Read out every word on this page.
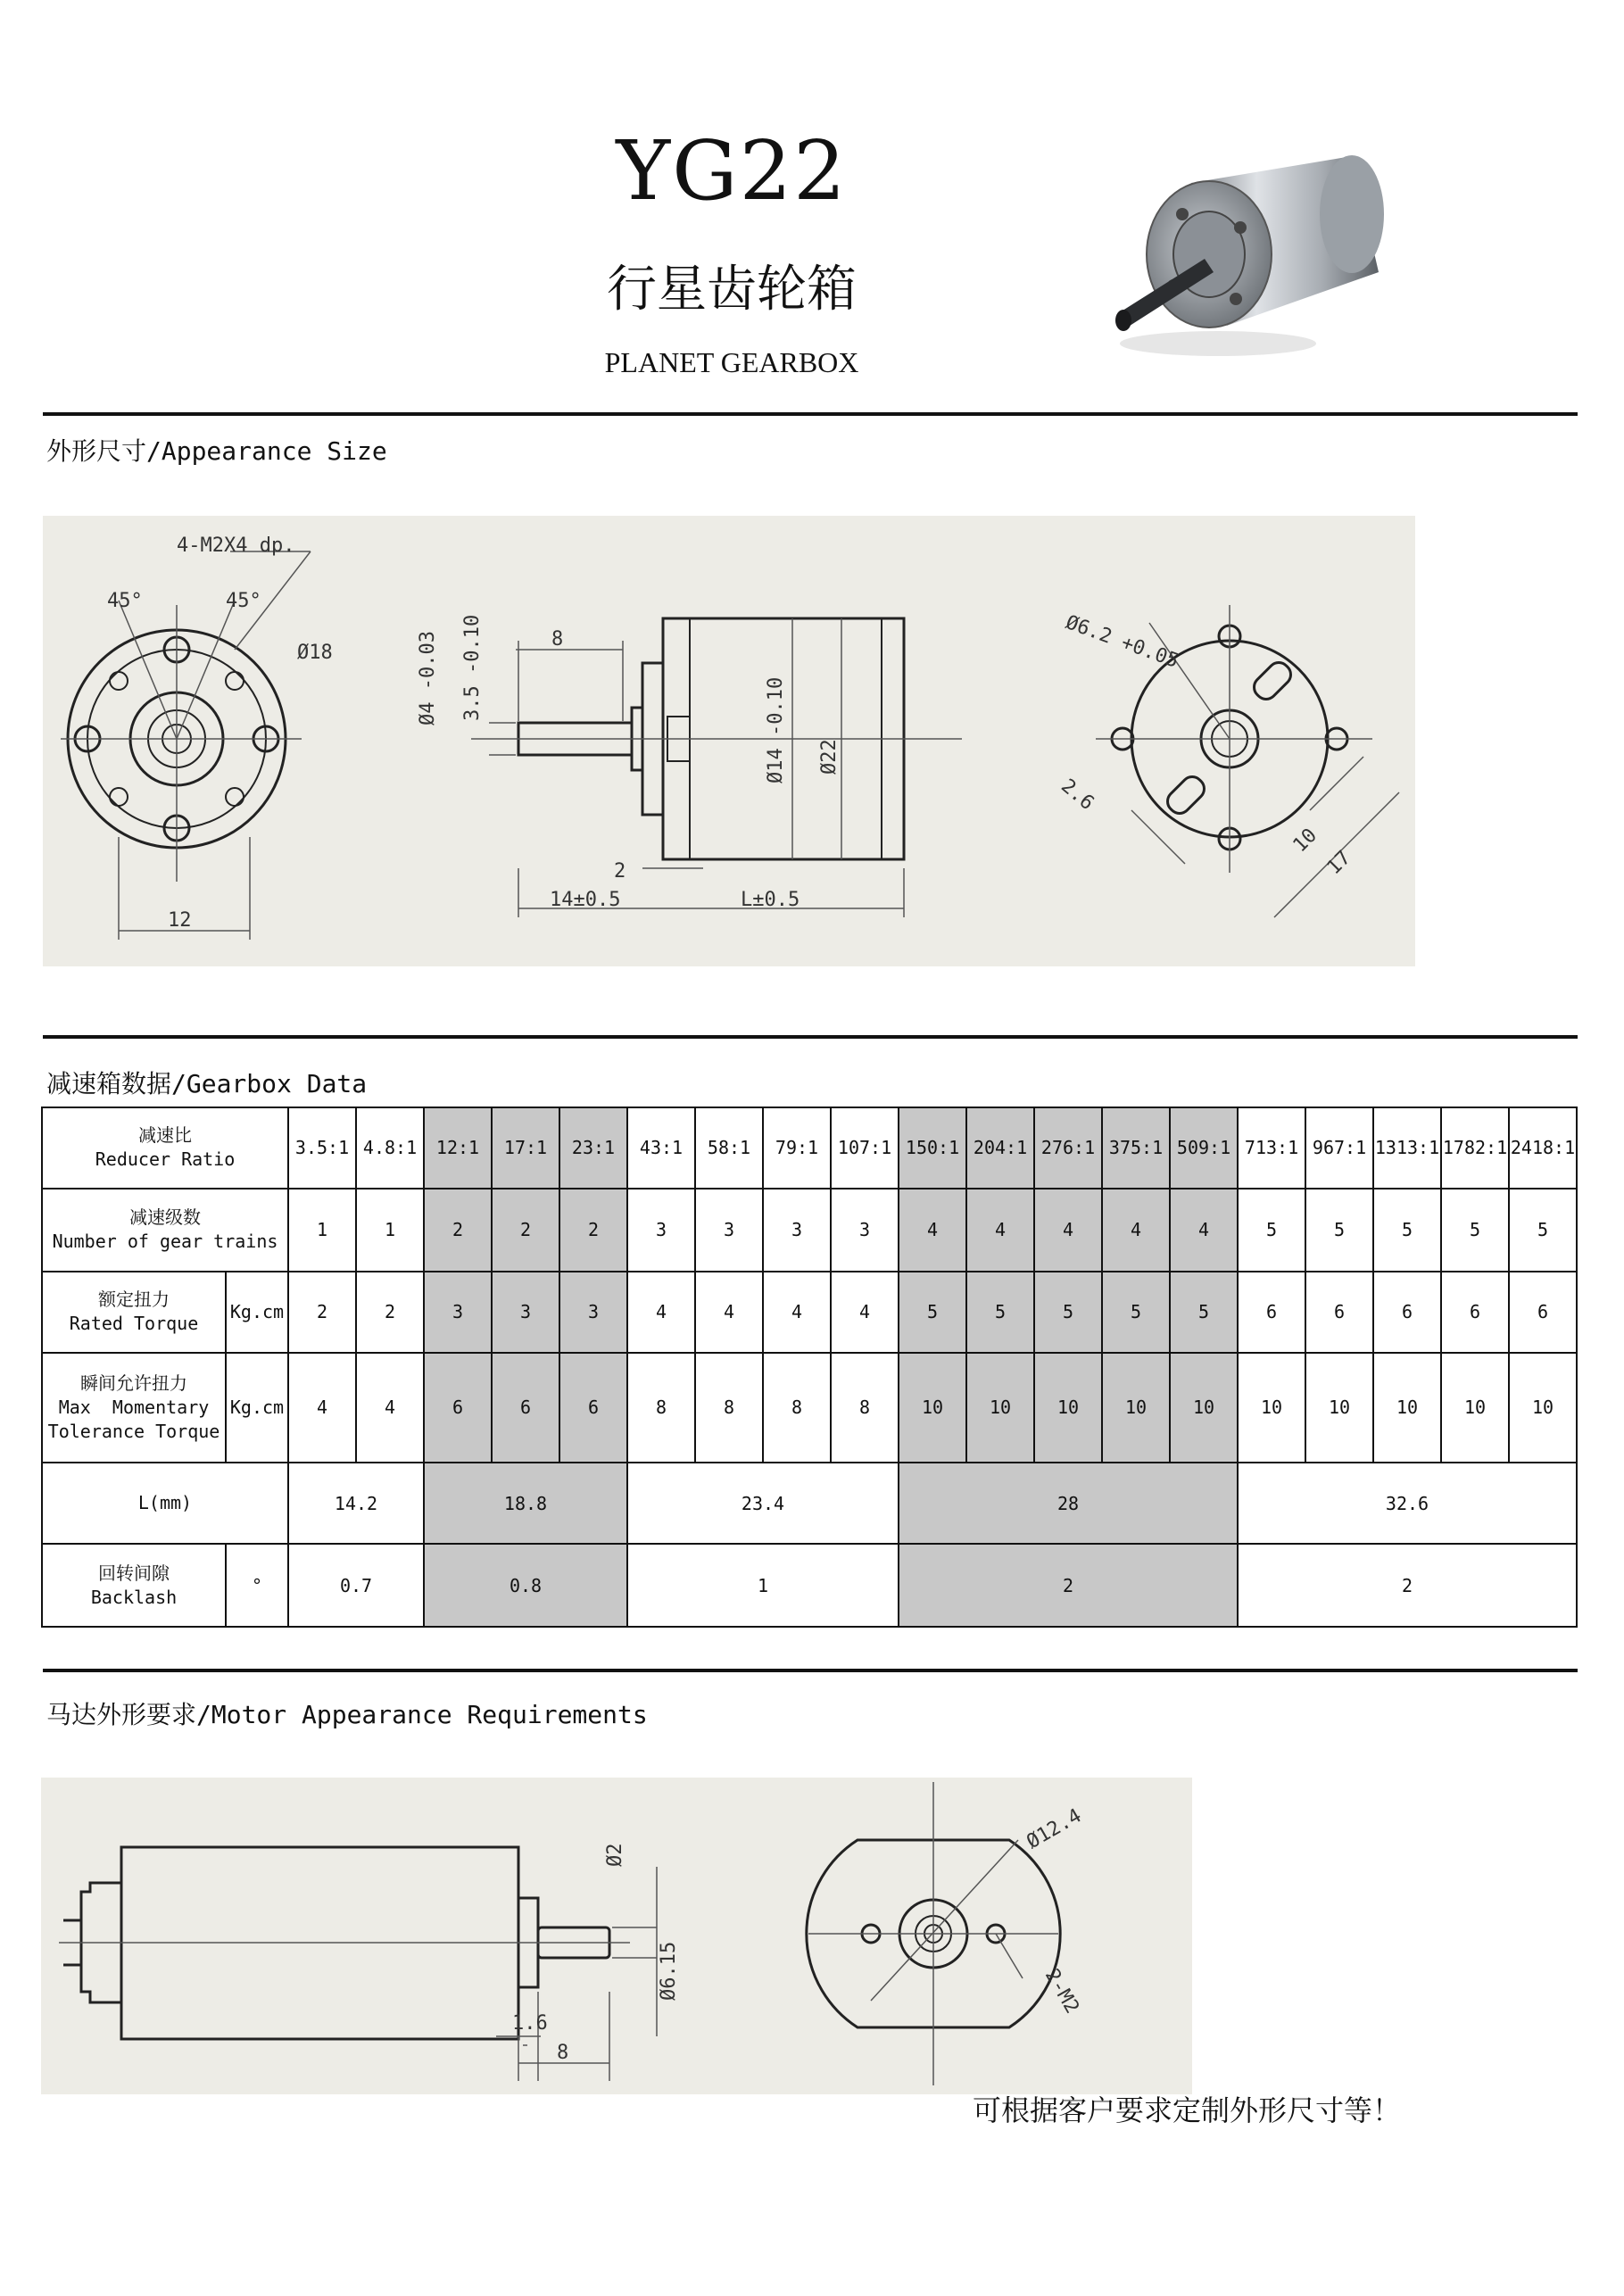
YG22
行星齿轮箱
PLANET GEARBOX
外形尺寸/Appearance Size
4-M2X4 dp.
45°	45°
Ø18
12
8
Ø4 -0.03 3.5 -0.10
Ø14 -0.10 Ø22
2
14±0.5	L±0.5
Ø6.2 +0.05
2.6
10
17
减速箱数据/Gearbox Data
减速比
Reducer Ratio		3.5:1	4.8:1	12:1	17:1	23:1	43:1	58:1	79:1	107:1	150:1	204:1	276:1	375:1	509:1	713:1	967:1	1313:1	1782:1	2418:1

减速级数
Number of gear trains		1	1	2	2	2	3	3	3	3	4	4	4	4	4	5	5	5	5	5

额定扭力
Rated Torque	Kg.cm	2	2	3	3	3	4	4	4	4	5	5	5	5	5	6	6	6	6	6

瞬间允许扭力
Max  Momentary
Tolerance Torque	Kg.cm	4	4	6	6	6	8	8	8	8	10	10	10	10	10	10	10	10	10	10
L(mm)		14.2		18.8			23.4				28					32.6				

回转间隙
Backlash	°	0.7		0.8			1				2					2				
马达外形要求/Motor Appearance Requirements
Ø2
Ø6.15
1.6
8
Ø12.4
2-M2
可根据客户要求定制外形尺寸等！
